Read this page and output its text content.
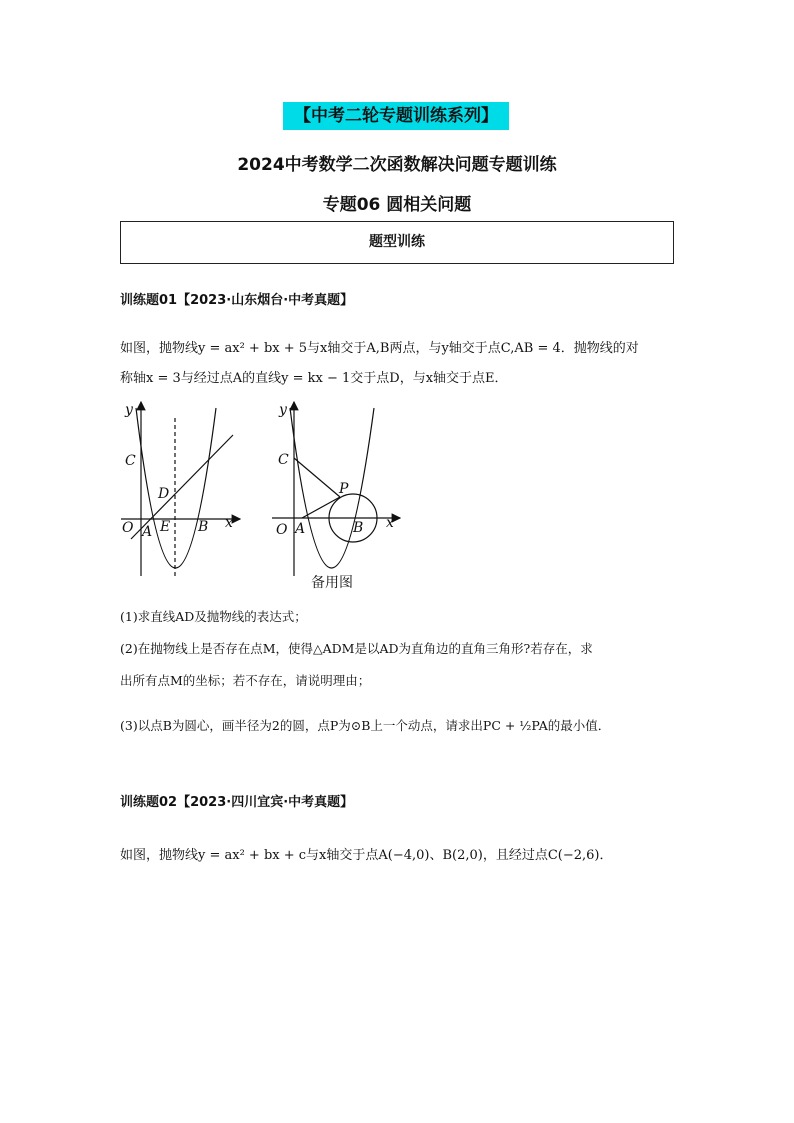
【中考二轮专题训练系列】
2024中考数学二次函数解决问题专题训练
专题06 圆相关问题
题型训练
训练题01【2023·山东烟台·中考真题】
如图，抛物线y = ax² + bx + 5与x轴交于A,B两点，与y轴交于点C,AB = 4．抛物线的对
称轴x = 3与经过点A的直线y = kx − 1交于点D，与x轴交于点E．
y
x
C
D
O A E B
y
x
C
P
O A	B
备用图
(1)求直线AD及抛物线的表达式；
(2)在抛物线上是否存在点M，使得△ADM是以AD为直角边的直角三角形?若存在，求
出所有点M的坐标；若不存在，请说明理由；
(3)以点B为圆心，画半径为2的圆，点P为⊙B上一个动点，请求出PC + ½PA的最小值．
训练题02【2023·四川宜宾·中考真题】
如图，抛物线y = ax² + bx + c与x轴交于点A(−4,0)、B(2,0)，且经过点C(−2,6)．
